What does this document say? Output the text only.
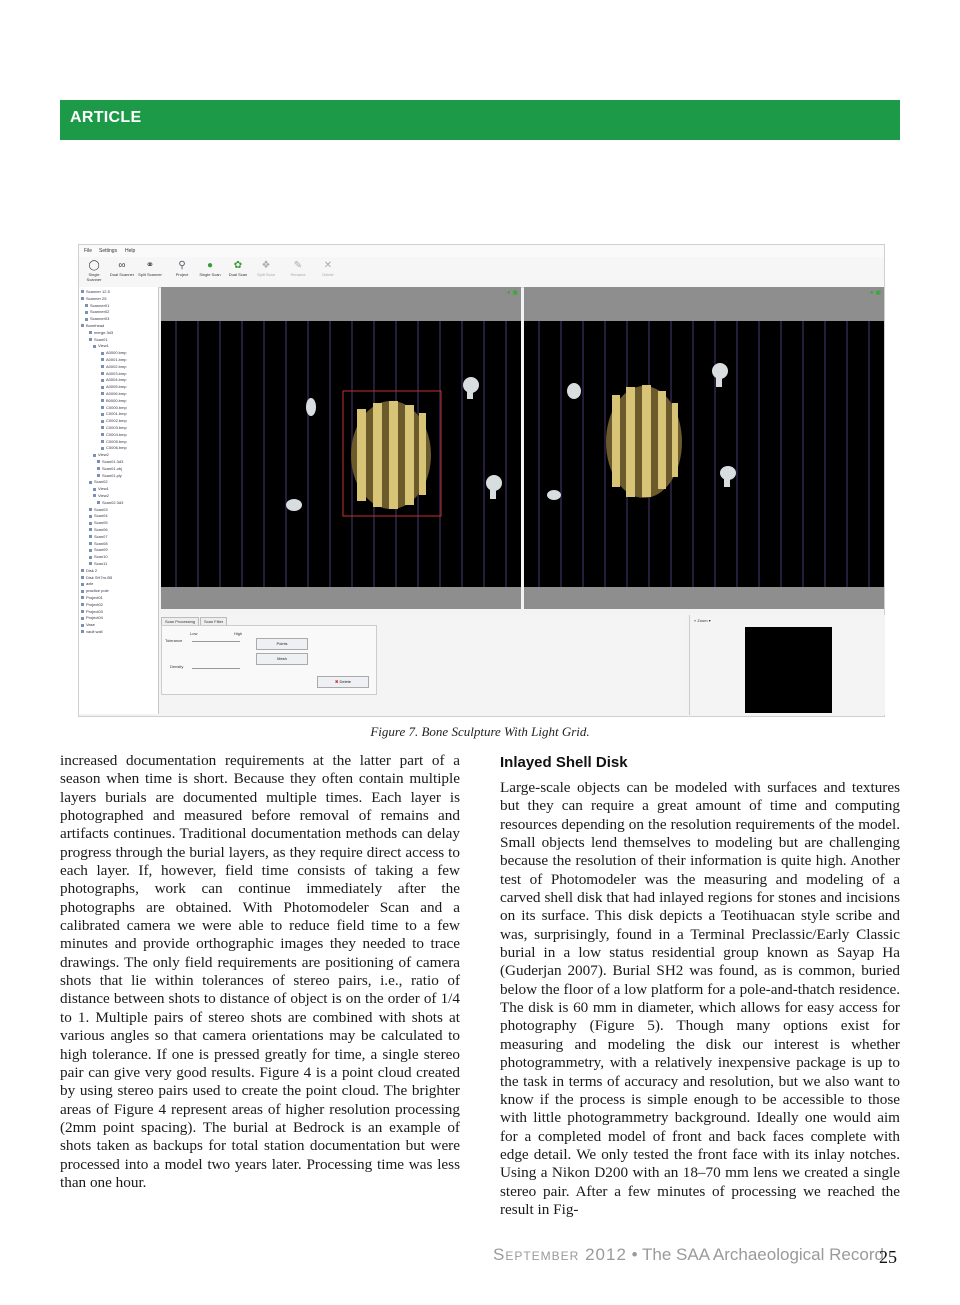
ARTICLE
File Settings Help
◯
Single Scanner
∞
Dual Scanner
⚭
Split Scanner
⚲
Project
●
Single Scan
✿
Dual Scan
❖
Split Scan
✎
Rename
✕
Delete
Scanner 12.5
Scanner 25
Scanner01
Scanner02
Scanner03
Bonehead
merge.3d3
Scan01
View1
A0000.bmp
A0001.bmp
A0002.bmp
A0003.bmp
A0004.bmp
A0005.bmp
A0006.bmp
B0000.bmp
C0000.bmp
C0001.bmp
C0002.bmp
C0003.bmp
C0004.bmp
C0005.bmp
C0006.bmp
View2
Scan01.3d3
Scan01.obj
Scan01.ply
Scan02
View1
View2
Scan02.3d3
Scan03
Scan04
Scan05
Scan06
Scan07
Scan08
Scan09
Scan10
Scan11
Disk 2
Disk SH7m-B5
axle
practice pole
Project01
Project02
Project03
Project04
Vase
vault wall
● ▣	● ▣
Scan Processing Scan Filter
Low	High
Tolerance
Density
Points
Mesh
✖ Delete
« Zoom ▾
Figure 7. Bone Sculpture With Light Grid.

increased documentation requirements at the latter part of a season when time is short. Because they often contain multiple layers burials are documented multiple times. Each layer is photographed and measured before removal of remains and artifacts continues. Traditional documentation methods can delay progress through the burial layers, as they require direct access to each layer. If, however, field time consists of taking a few photographs, work can continue immediately after the photographs are obtained. With Photomodeler Scan and a calibrated camera we were able to reduce field time to a few minutes and provide orthographic images they needed to trace drawings. The only field requirements are positioning of camera shots that lie within tolerances of stereo pairs, i.e., ratio of distance between shots to distance of object is on the order of 1/4 to 1. Multiple pairs of stereo shots are combined with shots at various angles so that camera orientations may be calculated to high tolerance. If one is pressed greatly for time, a single stereo pair can give very good results. Figure 4 is a point cloud created by using stereo pairs used to create the point cloud. The brighter areas of Figure 4 represent areas of higher resolution processing (2mm point spacing). The burial at Bedrock is an example of shots taken as backups for total station documentation but were processed into a model two years later. Processing time was less than one hour.

Inlayed Shell Disk

Large-scale objects can be modeled with surfaces and textures but they can require a great amount of time and computing resources depending on the resolution requirements of the model. Small objects lend themselves to modeling but are challenging because the resolution of their information is quite high. Another test of Photomodeler was the measuring and modeling of a carved shell disk that had inlayed regions for stones and incisions on its surface. This disk depicts a Teotihuacan style scribe and was, surprisingly, found in a Terminal Preclassic/Early Classic burial in a low status residential group known as Sayap Ha (Guderjan 2007). Burial SH2 was found, as is common, buried below the floor of a low platform for a pole-and-thatch residence. The disk is 60 mm in diameter, which allows for easy access for photography (Figure 5). Though many options exist for measuring and modeling the disk our interest is whether photogrammetry, with a relatively inexpensive package is up to the task in terms of accuracy and resolution, but we also want to know if the process is simple enough to be accessible to those with little photogrammetry background. Ideally one would aim for a completed model of front and back faces complete with edge detail. We only tested the front face with its inlay notches. Using a Nikon D200 with an 18–70 mm lens we created a single stereo pair. After a few minutes of processing we reached the result in Fig-

September 2012 • The SAA Archaeological Record
25
